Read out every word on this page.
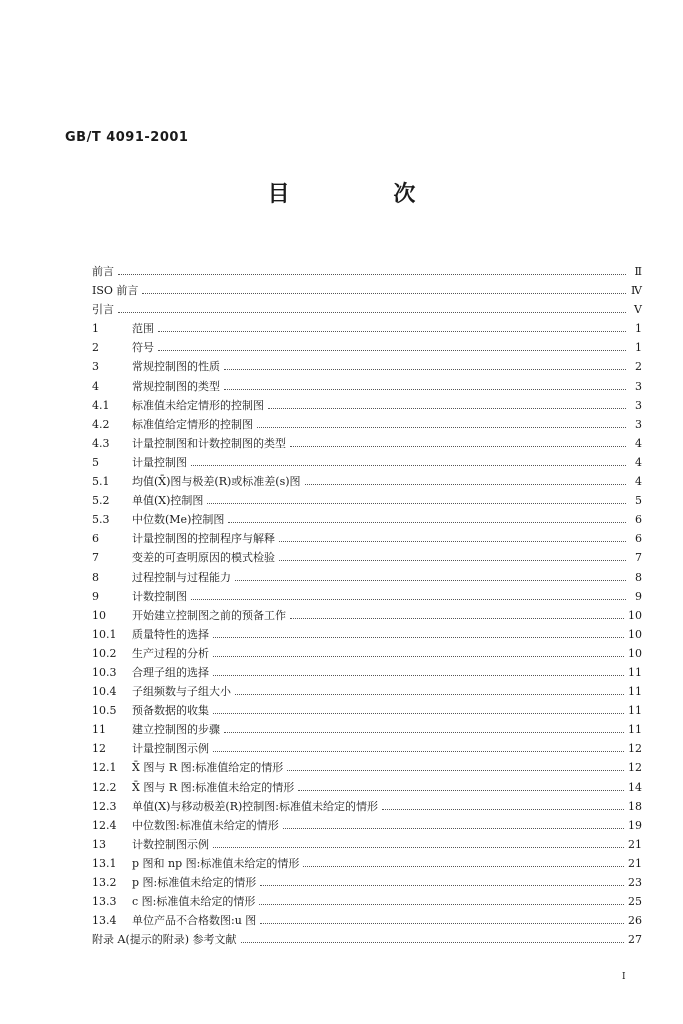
GB/T 4091-2001
目 次
前言	Ⅱ
ISO 前言	Ⅳ
引言	Ⅴ
1	范围	1
2	符号	1
3	常规控制图的性质	2
4	常规控制图的类型	3
4.1	标准值未给定情形的控制图	3
4.2	标准值给定情形的控制图	3
4.3	计量控制图和计数控制图的类型	4
5	计量控制图	4
5.1	均值(X̄)图与极差(R)或标准差(s)图	4
5.2	单值(X)控制图	5
5.3	中位数(Me)控制图	6
6	计量控制图的控制程序与解释	6
7	变差的可查明原因的模式检验	7
8	过程控制与过程能力	8
9	计数控制图	9
10	开始建立控制图之前的预备工作	10
10.1	质量特性的选择	10
10.2	生产过程的分析	10
10.3	合理子组的选择	11
10.4	子组频数与子组大小	11
10.5	预备数据的收集	11
11	建立控制图的步骤	11
12	计量控制图示例	12
12.1	X̄ 图与 R 图:标准值给定的情形	12
12.2	X̄ 图与 R 图:标准值未给定的情形	14
12.3	单值(X)与移动极差(R)控制图:标准值未给定的情形	18
12.4	中位数图:标准值未给定的情形	19
13	计数控制图示例	21
13.1	p 图和 np 图:标准值未给定的情形	21
13.2	p 图:标准值未给定的情形	23
13.3	c 图:标准值未给定的情形	25
13.4	单位产品不合格数图:u 图	26
附录 A(提示的附录) 参考文献	27
Ⅰ
